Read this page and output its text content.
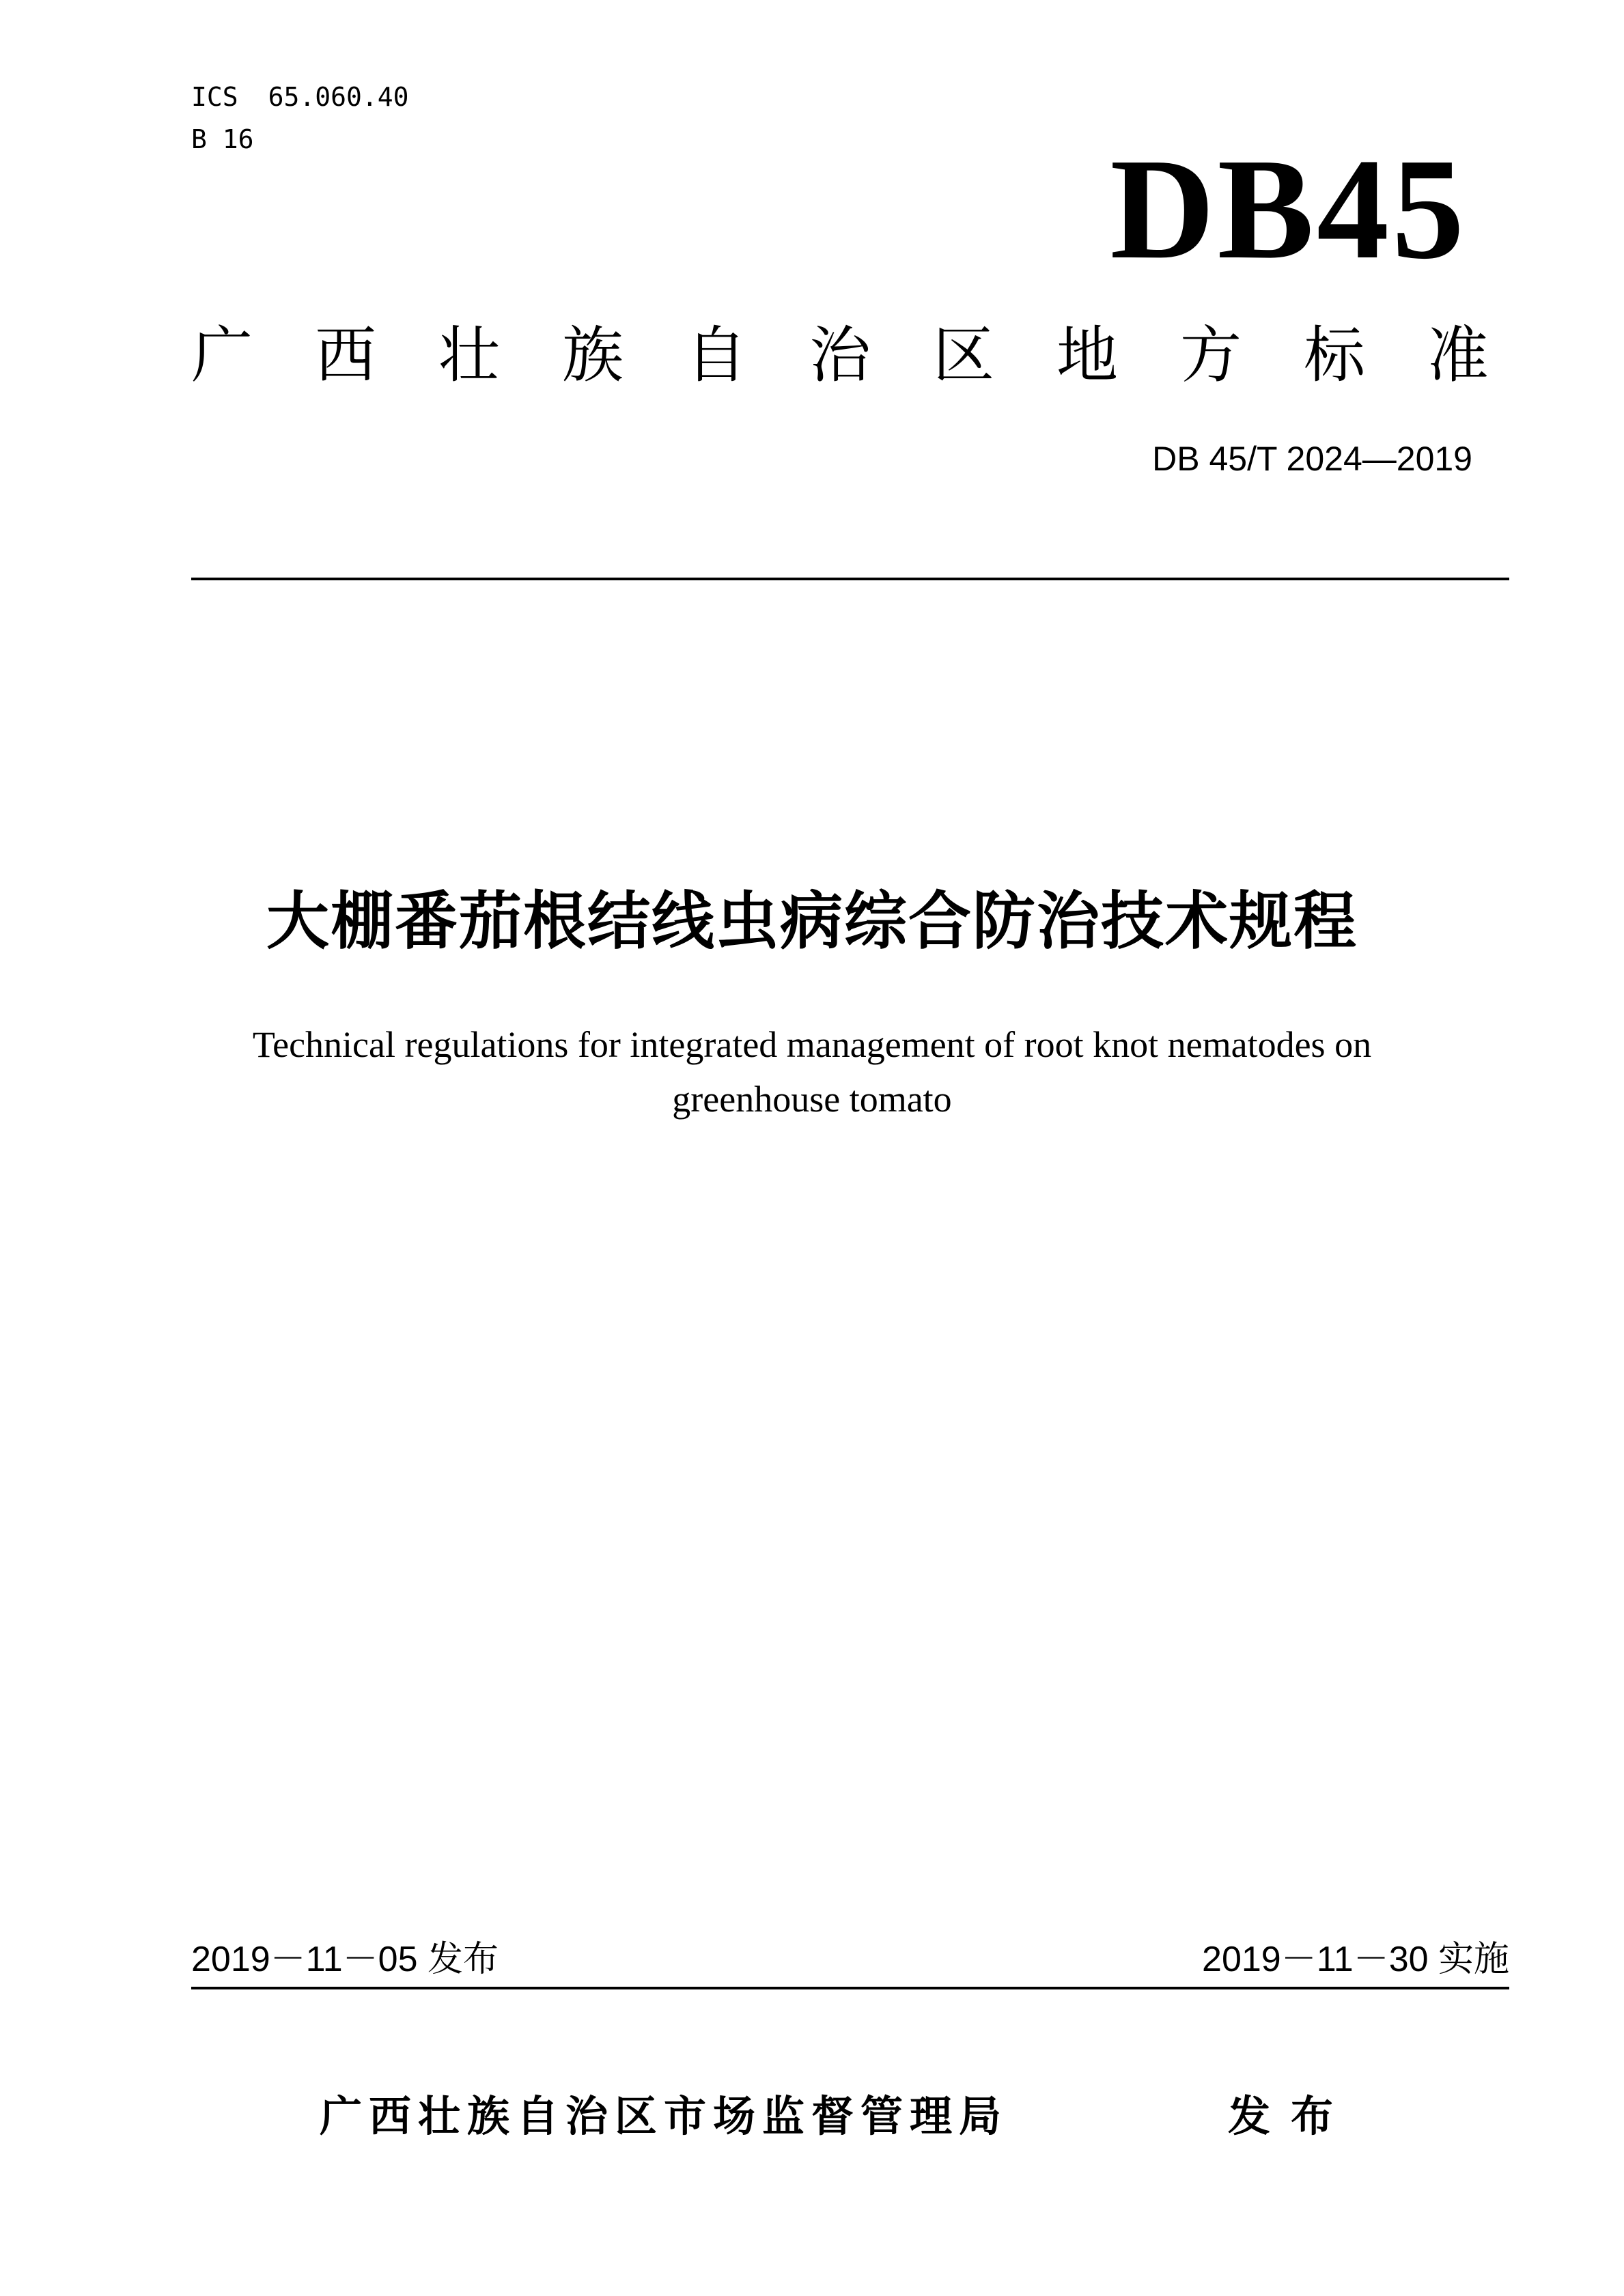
ICS 65.060.40
B 16	DB45
广 西 壮 族 自 治 区 地 方 标 准
DB 45/T 2024—2019
大棚番茄根结线虫病综合防治技术规程
Technical regulations for integrated management of root knot nematodes on greenhouse tomato
2019－11－05 发布	2019－11－30 实施
广西壮族自治区市场监督管理局	发布
